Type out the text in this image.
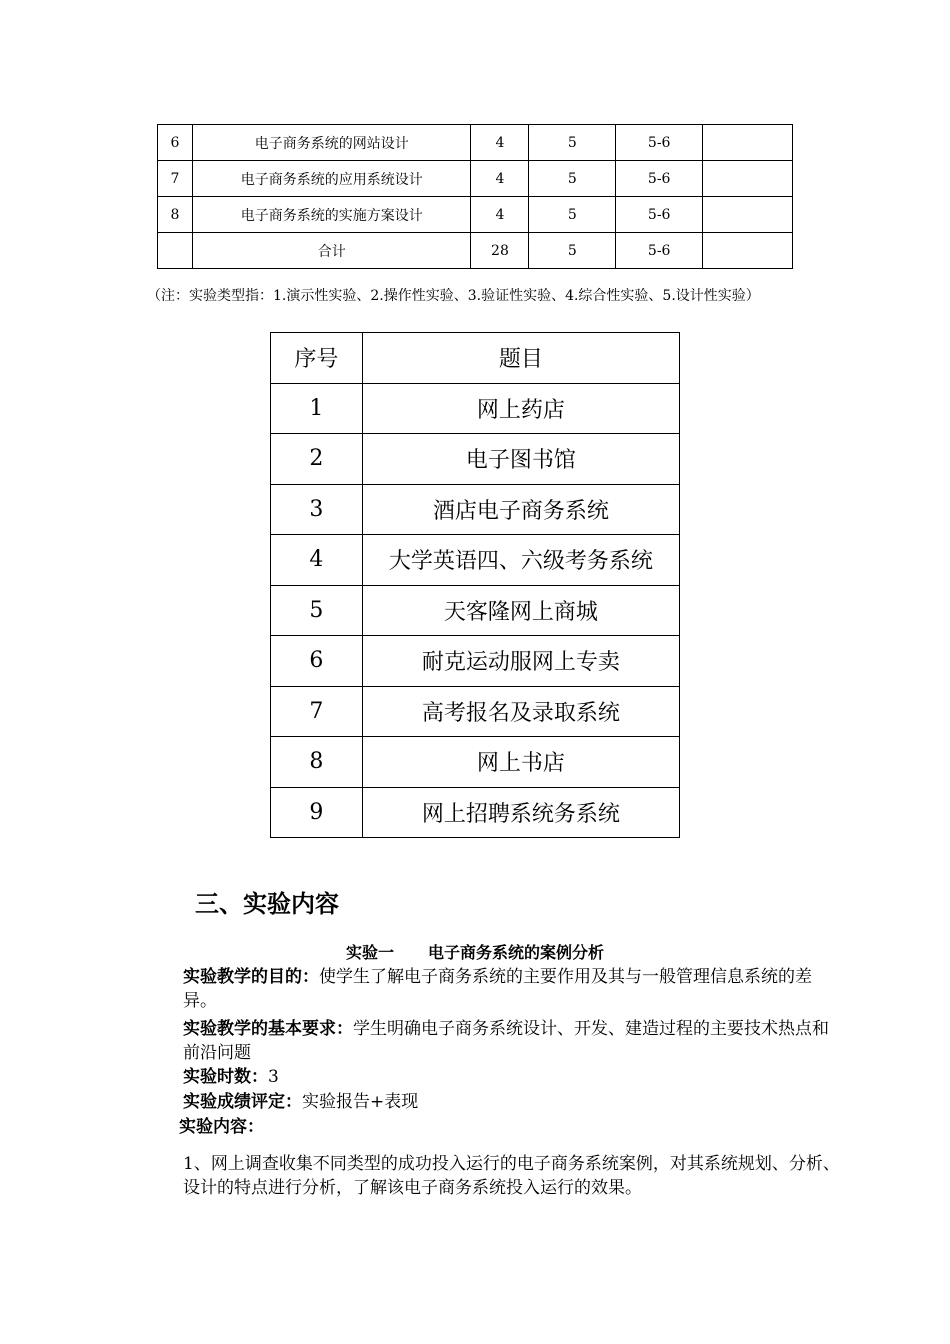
6	电子商务系统的网站设计	4	5	5-6	
7	电子商务系统的应用系统设计	4	5	5-6	
8	电子商务系统的实施方案设计	4	5	5-6	
	合计	28	5	5-6	
（注：实验类型指：1.演示性实验、2.操作性实验、3.验证性实验、4.综合性实验、5.设计性实验）
序号	题目
1	网上药店
2	电子图书馆
3	酒店电子商务系统
4	大学英语四、六级考务系统
5	天客隆网上商城
6	耐克运动服网上专卖
7	高考报名及录取系统
8	网上书店
9	网上招聘系统务系统
三、实验内容
实验一 电子商务系统的案例分析
实验教学的目的：使学生了解电子商务系统的主要作用及其与一般管理信息系统的差异。
实验教学的基本要求：学生明确电子商务系统设计、开发、建造过程的主要技术热点和前沿问题
实验时数：3
实验成绩评定：实验报告+表现
实验内容：
1、网上调查收集不同类型的成功投入运行的电子商务系统案例，对其系统规划、分析、设计的特点进行分析，了解该电子商务系统投入运行的效果。
